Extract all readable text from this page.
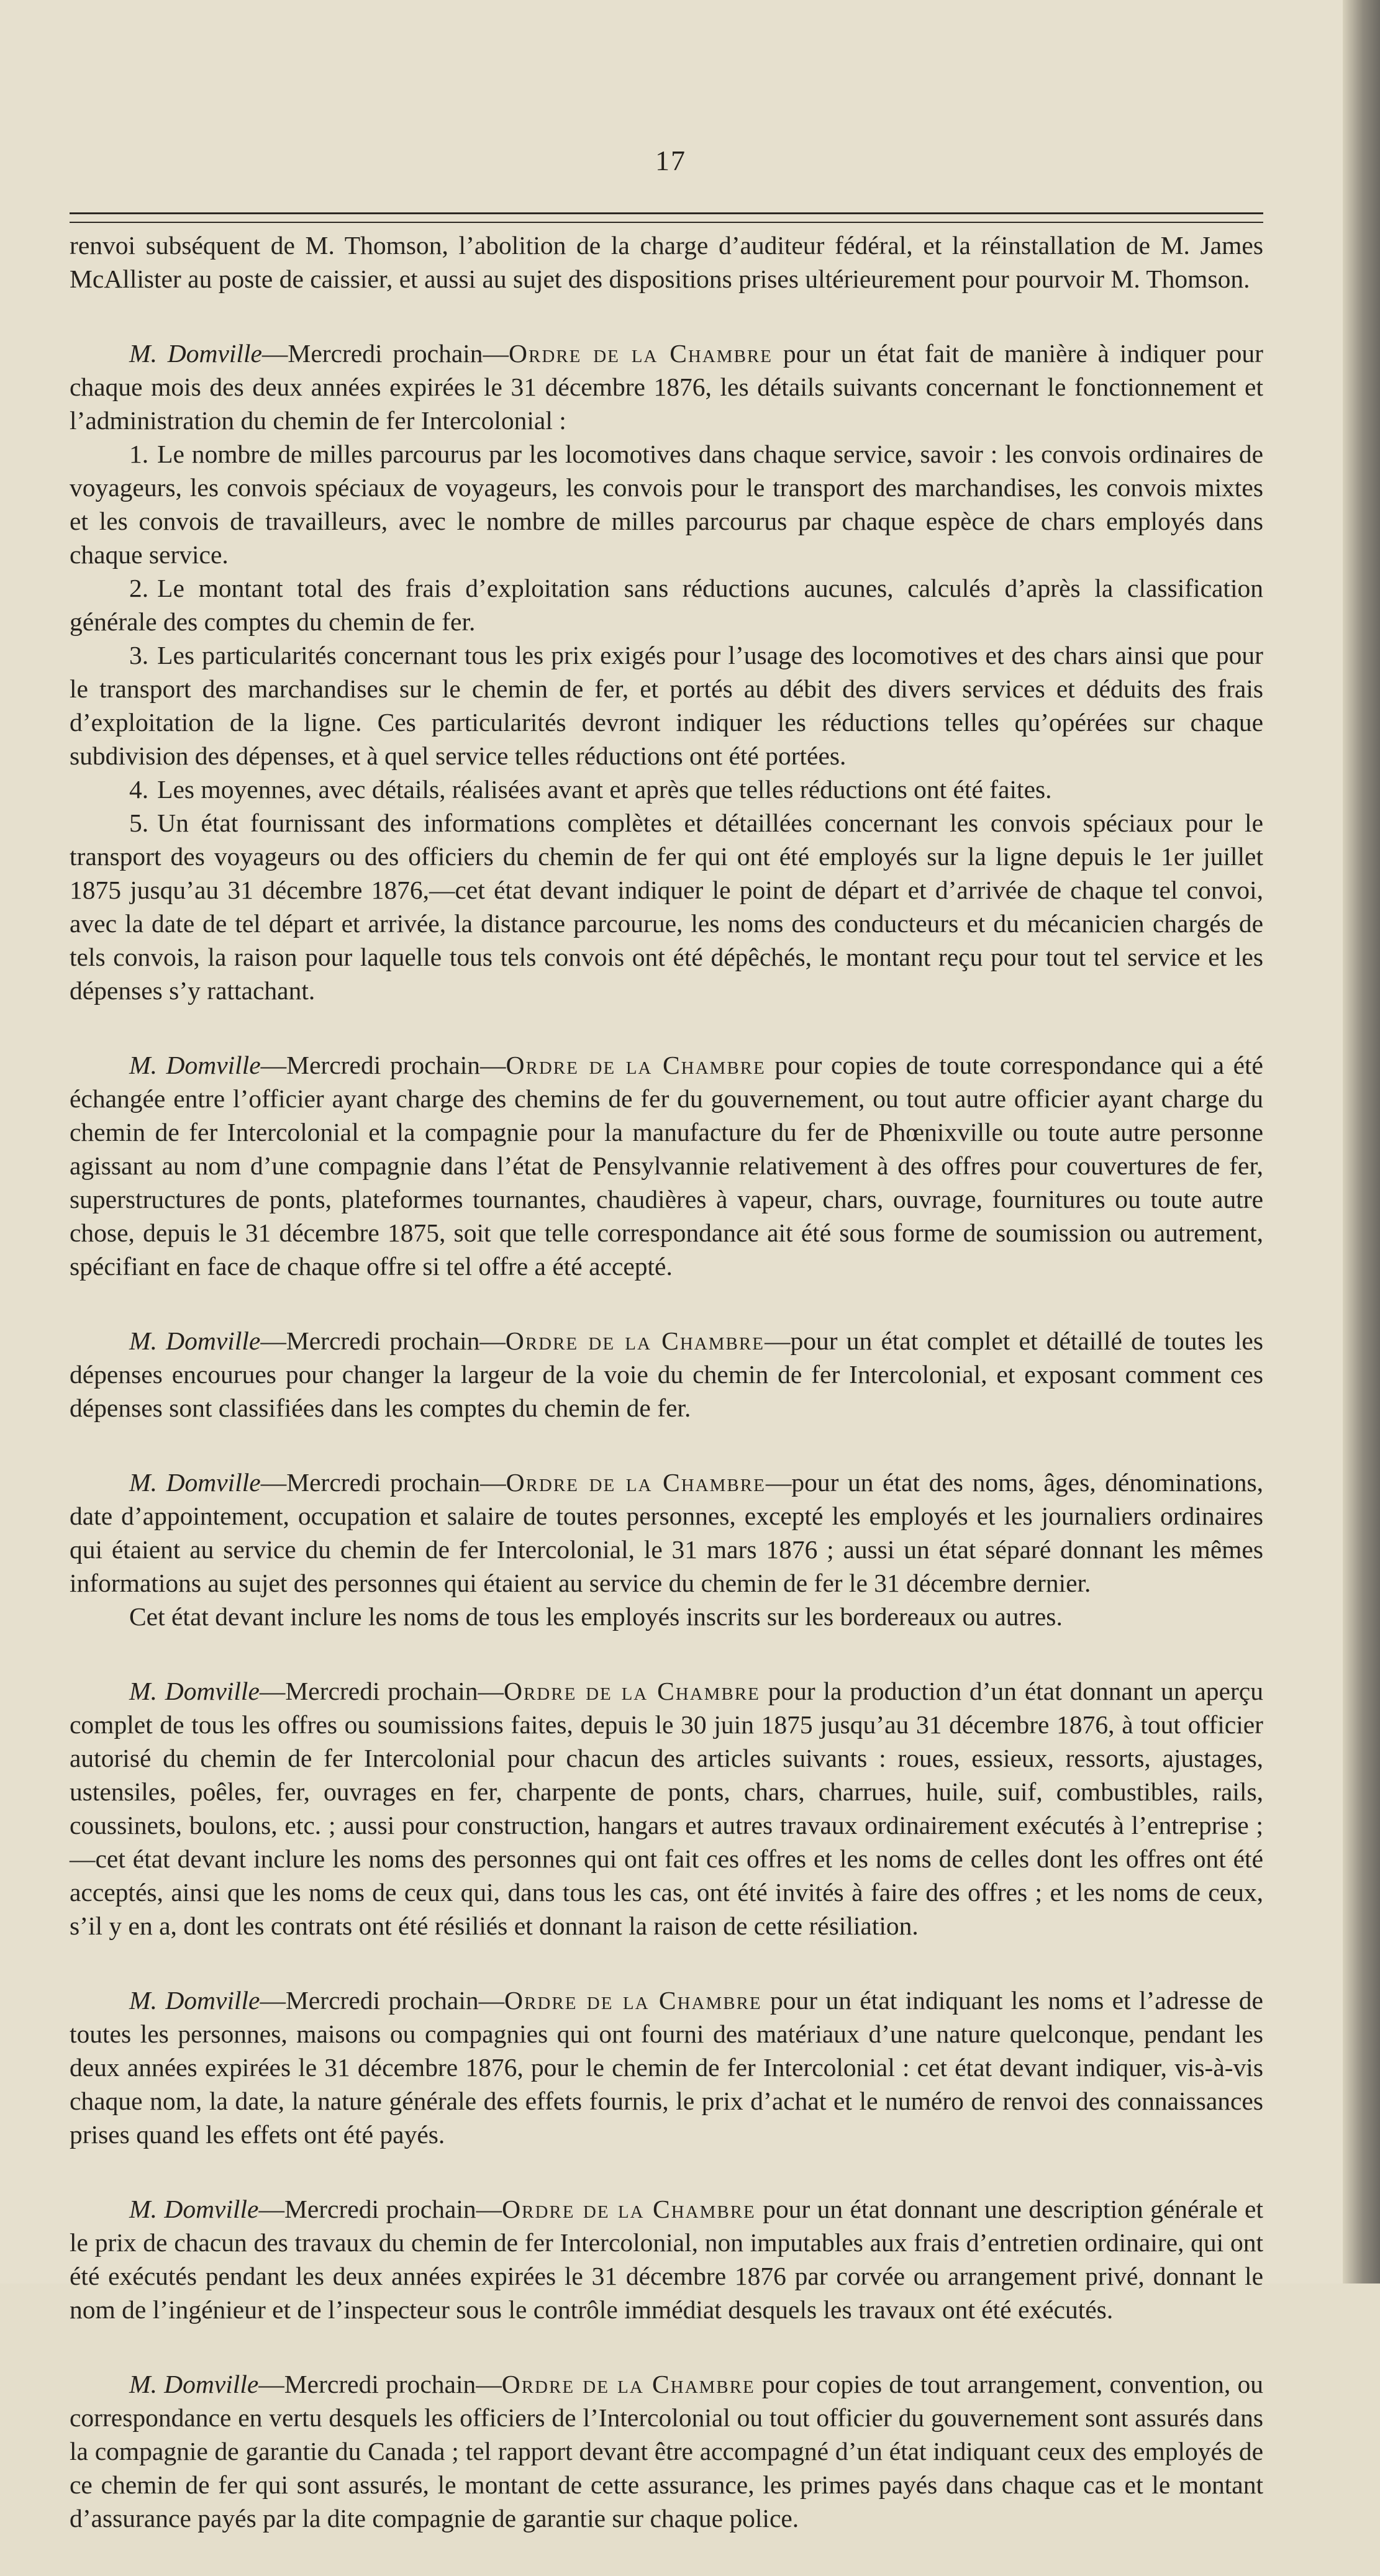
17

renvoi subséquent de M. Thomson, l’abolition de la charge d’auditeur fédéral, et la réinstallation de M. James McAllister au poste de caissier, et aussi au sujet des dispositions prises ultérieurement pour pourvoir M. Thomson.

M. Domville—Mercredi prochain—Ordre de la Chambre pour un état fait de manière à indiquer pour chaque mois des deux années expirées le 31 décembre 1876, les détails suivants concernant le fonctionnement et l’administration du chemin de fer Intercolonial :

1. Le nombre de milles parcourus par les locomotives dans chaque service, savoir : les convois ordinaires de voyageurs, les convois spéciaux de voyageurs, les convois pour le transport des marchandises, les convois mixtes et les convois de travailleurs, avec le nombre de milles parcourus par chaque espèce de chars employés dans chaque service.
2. Le montant total des frais d’exploitation sans réductions aucunes, calculés d’après la classification générale des comptes du chemin de fer.
3. Les particularités concernant tous les prix exigés pour l’usage des locomotives et des chars ainsi que pour le transport des marchandises sur le chemin de fer, et portés au débit des divers services et déduits des frais d’exploitation de la ligne. Ces particularités devront indiquer les réductions telles qu’opérées sur chaque subdivision des dépenses, et à quel service telles réductions ont été portées.
4. Les moyennes, avec détails, réalisées avant et après que telles réductions ont été faites.
5. Un état fournissant des informations complètes et détaillées concernant les convois spéciaux pour le transport des voyageurs ou des officiers du chemin de fer qui ont été employés sur la ligne depuis le 1er juillet 1875 jusqu’au 31 décembre 1876,—cet état devant indiquer le point de départ et d’arrivée de chaque tel convoi, avec la date de tel départ et arrivée, la distance parcourue, les noms des conducteurs et du mécanicien chargés de tels convois, la raison pour laquelle tous tels convois ont été dépêchés, le montant reçu pour tout tel service et les dépenses s’y rattachant.

M. Domville—Mercredi prochain—Ordre de la Chambre pour copies de toute correspondance qui a été échangée entre l’officier ayant charge des chemins de fer du gouvernement, ou tout autre officier ayant charge du chemin de fer Intercolonial et la compagnie pour la manufacture du fer de Phœnixville ou toute autre personne agissant au nom d’une compagnie dans l’état de Pensylvannie relativement à des offres pour couvertures de fer, superstructures de ponts, plateformes tournantes, chaudières à vapeur, chars, ouvrage, fournitures ou toute autre chose, depuis le 31 décembre 1875, soit que telle correspondance ait été sous forme de soumission ou autrement, spécifiant en face de chaque offre si tel offre a été accepté.

M. Domville—Mercredi prochain—Ordre de la Chambre—pour un état complet et détaillé de toutes les dépenses encourues pour changer la largeur de la voie du chemin de fer Intercolonial, et exposant comment ces dépenses sont classifiées dans les comptes du chemin de fer.

M. Domville—Mercredi prochain—Ordre de la Chambre—pour un état des noms, âges, dénominations, date d’appointement, occupation et salaire de toutes personnes, excepté les employés et les journaliers ordinaires qui étaient au service du chemin de fer Intercolonial, le 31 mars 1876 ; aussi un état séparé donnant les mêmes informations au sujet des personnes qui étaient au service du chemin de fer le 31 décembre dernier.

Cet état devant inclure les noms de tous les employés inscrits sur les bordereaux ou autres.

M. Domville—Mercredi prochain—Ordre de la Chambre pour la production d’un état donnant un aperçu complet de tous les offres ou soumissions faites, depuis le 30 juin 1875 jusqu’au 31 décembre 1876, à tout officier autorisé du chemin de fer Intercolonial pour chacun des articles suivants : roues, essieux, ressorts, ajustages, ustensiles, poêles, fer, ouvrages en fer, charpente de ponts, chars, charrues, huile, suif, combustibles, rails, coussinets, boulons, etc. ; aussi pour construction, hangars et autres travaux ordinairement exécutés à l’entreprise ;—cet état devant inclure les noms des personnes qui ont fait ces offres et les noms de celles dont les offres ont été acceptés, ainsi que les noms de ceux qui, dans tous les cas, ont été invités à faire des offres ; et les noms de ceux, s’il y en a, dont les contrats ont été résiliés et donnant la raison de cette résiliation.

M. Domville—Mercredi prochain—Ordre de la Chambre pour un état indiquant les noms et l’adresse de toutes les personnes, maisons ou compagnies qui ont fourni des matériaux d’une nature quelconque, pendant les deux années expirées le 31 décembre 1876, pour le chemin de fer Intercolonial : cet état devant indiquer, vis-à-vis chaque nom, la date, la nature générale des effets fournis, le prix d’achat et le numéro de renvoi des connaissances prises quand les effets ont été payés.

M. Domville—Mercredi prochain—Ordre de la Chambre pour un état donnant une description générale et le prix de chacun des travaux du chemin de fer Intercolonial, non imputables aux frais d’entretien ordinaire, qui ont été exécutés pendant les deux années expirées le 31 décembre 1876 par corvée ou arrangement privé, donnant le nom de l’ingénieur et de l’inspecteur sous le contrôle immédiat desquels les travaux ont été exécutés.

M. Domville—Mercredi prochain—Ordre de la Chambre pour copies de tout arrangement, convention, ou correspondance en vertu desquels les officiers de l’Intercolonial ou tout officier du gouvernement sont assurés dans la compagnie de garantie du Canada ; tel rapport devant être accompagné d’un état indiquant ceux des employés de ce chemin de fer qui sont assurés, le montant de cette assurance, les primes payés dans chaque cas et le montant d’assurance payés par la dite compagnie de garantie sur chaque police.
